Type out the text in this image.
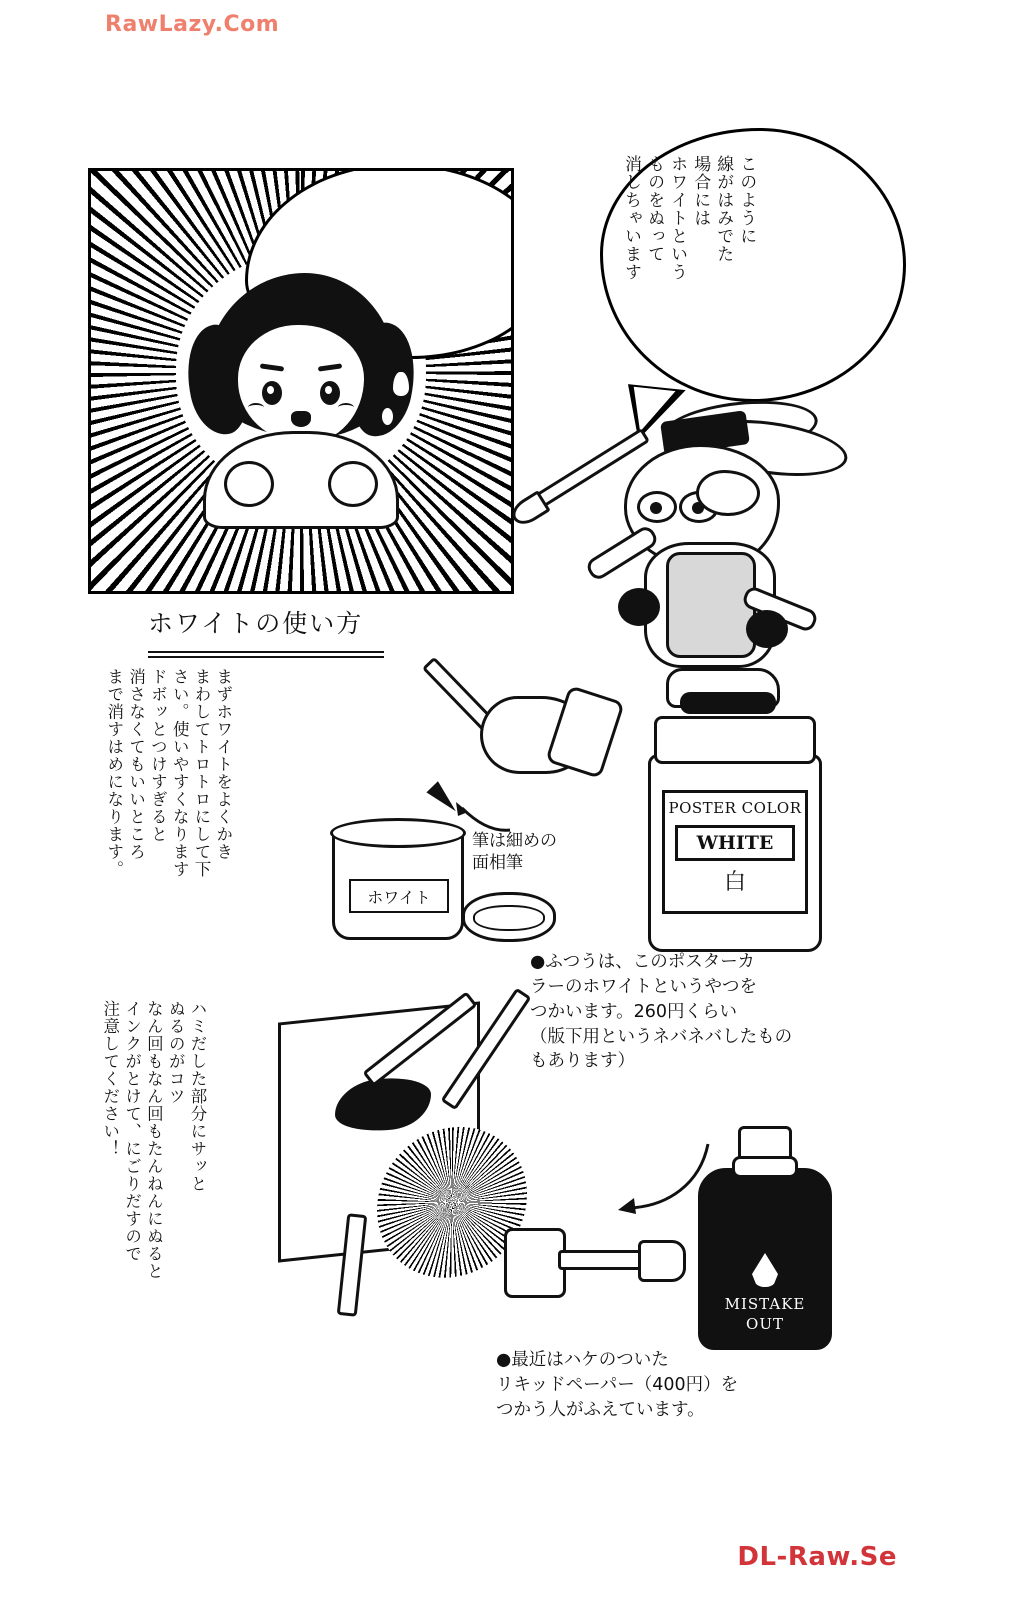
RawLazy.Com
DL-Raw.Se
このように
線がはみでた
場合には
ホワイトという
ものをぬって
消しちゃいます
ホワイトの使い方
まずホワイトをよくかき
まわしてトロトロにして下
さい。使いやすくなります
ドボッとつけすぎると
消さなくてもいいところ
まで消すはめになります。
ホワイト
筆は細めの
面相筆
POSTER COLOR
WHITE
白
●ふつうは、このポスターカ
ラーのホワイトというやつを
つかいます。260円くらい
（版下用というネバネバしたもの
もあります）
ハミだした部分にサッと
ぬるのがコツ
なん回もなん回もたんねんにぬると
インクがとけて、にごりだすので
注意してください！
MISTAKE
OUT
●最近はハケのついた
リキッドペーパー（400円）を
つかう人がふえています。
